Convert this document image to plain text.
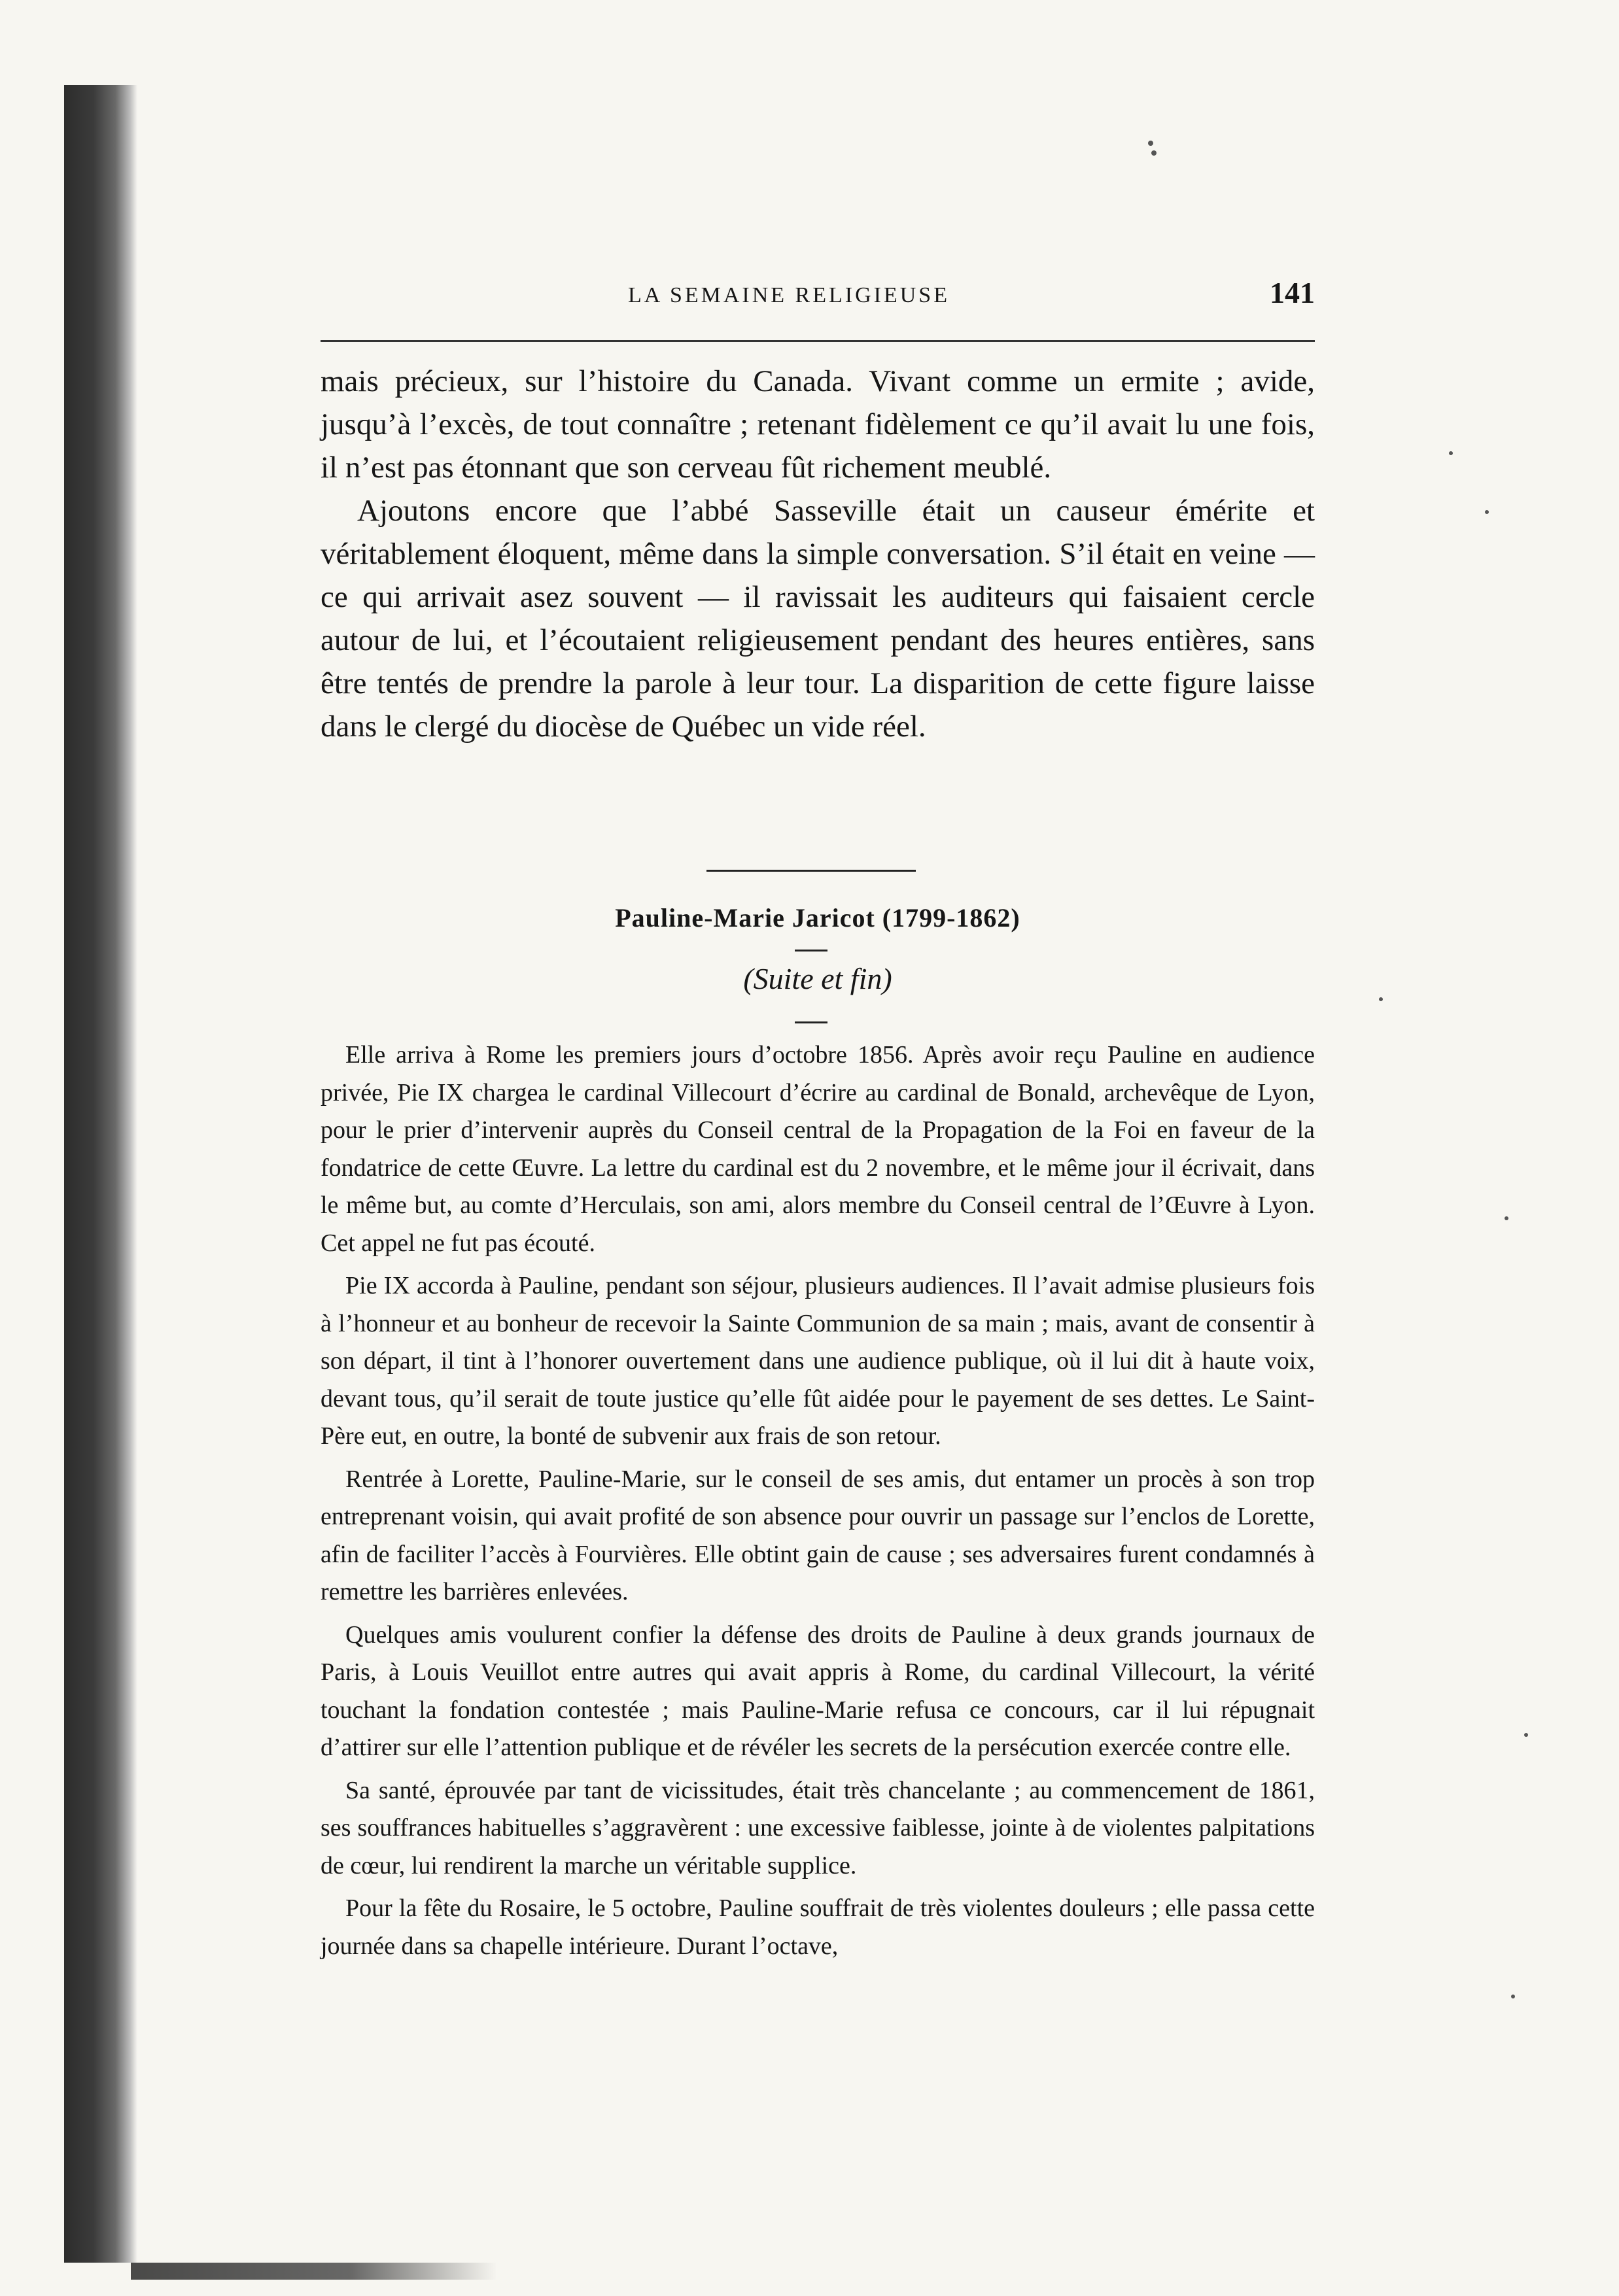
LA SEMAINE RELIGIEUSE	141

mais précieux, sur l’histoire du Canada. Vivant comme un ermite ; avide, jusqu’à l’excès, de tout connaître ; retenant fidèlement ce qu’il avait lu une fois, il n’est pas étonnant que son cerveau fût richement meublé.

Ajoutons encore que l’abbé Sasseville était un causeur émérite et véritablement éloquent, même dans la simple conversation. S’il était en veine — ce qui arrivait asez souvent — il ravissait les auditeurs qui faisaient cercle autour de lui, et l’écoutaient religieusement pendant des heures entières, sans être tentés de prendre la parole à leur tour. La disparition de cette figure laisse dans le clergé du diocèse de Québec un vide réel.

Pauline-Marie Jaricot (1799-1862)
(Suite et fin)

Elle arriva à Rome les premiers jours d’octobre 1856. Après avoir reçu Pauline en audience privée, Pie IX chargea le cardinal Villecourt d’écrire au cardinal de Bonald, archevêque de Lyon, pour le prier d’intervenir auprès du Conseil central de la Propagation de la Foi en faveur de la fondatrice de cette Œuvre. La lettre du cardinal est du 2 novembre, et le même jour il écrivait, dans le même but, au comte d’Herculais, son ami, alors membre du Conseil central de l’Œuvre à Lyon. Cet appel ne fut pas écouté.

Pie IX accorda à Pauline, pendant son séjour, plusieurs audiences. Il l’avait admise plusieurs fois à l’honneur et au bonheur de recevoir la Sainte Communion de sa main ; mais, avant de consentir à son départ, il tint à l’honorer ouvertement dans une audience publique, où il lui dit à haute voix, devant tous, qu’il serait de toute justice qu’elle fût aidée pour le payement de ses dettes. Le Saint-Père eut, en outre, la bonté de subvenir aux frais de son retour.

Rentrée à Lorette, Pauline-Marie, sur le conseil de ses amis, dut entamer un procès à son trop entreprenant voisin, qui avait profité de son absence pour ouvrir un passage sur l’enclos de Lorette, afin de faciliter l’accès à Fourvières. Elle obtint gain de cause ; ses adversaires furent condamnés à remettre les barrières enlevées.

Quelques amis voulurent confier la défense des droits de Pauline à deux grands journaux de Paris, à Louis Veuillot entre autres qui avait appris à Rome, du cardinal Villecourt, la vérité touchant la fondation contestée ; mais Pauline-Marie refusa ce concours, car il lui répugnait d’attirer sur elle l’attention publique et de révéler les secrets de la persécution exercée contre elle.

Sa santé, éprouvée par tant de vicissitudes, était très chancelante ; au commencement de 1861, ses souffrances habituelles s’aggravèrent : une excessive faiblesse, jointe à de violentes palpitations de cœur, lui rendirent la marche un véritable supplice.

Pour la fête du Rosaire, le 5 octobre, Pauline souffrait de très violentes douleurs ; elle passa cette journée dans sa chapelle intérieure. Durant l’octave,
